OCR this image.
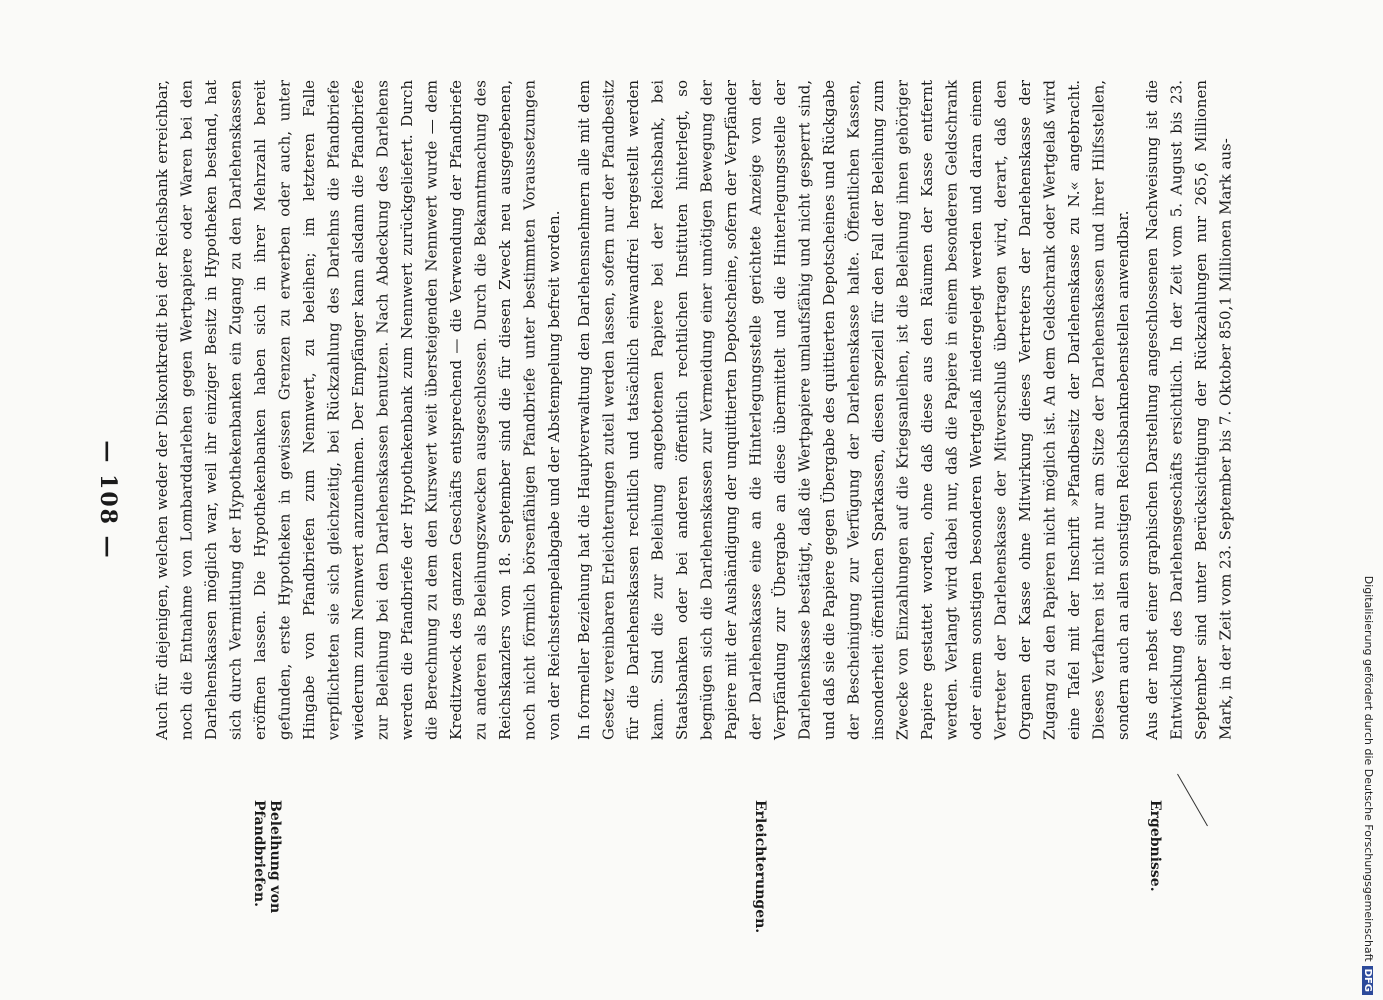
Digitalisierung gefördert durch die Deutsche ForschungsgemeinschaftDFG
— 108 —
Beleihung von Pfandbriefen.	Erleichterungen.	Ergebnisse.

Auch für diejenigen, welchen weder der Diskontkredit bei der Reichsbank erreichbar, noch die Entnahme von Lombarddarlehen gegen Wertpapiere oder Waren bei den Darlehenskassen möglich war, weil ihr einziger Besitz in Hypotheken bestand, hat sich durch Vermittlung der Hypothekenbanken ein Zugang zu den Darlehenskassen eröffnen lassen. Die Hypothekenbanken haben sich in ihrer Mehrzahl bereit gefunden, erste Hypotheken in gewissen Grenzen zu erwerben oder auch, unter Hingabe von Pfandbriefen zum Nennwert, zu beleihen; im letzteren Falle verpflichteten sie sich gleichzeitig, bei Rückzahlung des Darlehns die Pfandbriefe wiederum zum Nennwert anzunehmen. Der Empfänger kann alsdann die Pfandbriefe zur Beleihung bei den Darlehenskassen benutzen. Nach Abdeckung des Darlehens werden die Pfandbriefe der Hypothekenbank zum Nennwert zurückgeliefert. Durch die Berechnung zu dem den Kurswert weit übersteigenden Nennwert wurde — dem Kreditzweck des ganzen Geschäfts entsprechend — die Verwendung der Pfandbriefe zu anderen als Beleihungszwecken ausgeschlossen. Durch die Bekanntmachung des Reichskanzlers vom 18. September sind die für diesen Zweck neu ausgegebenen, noch nicht förmlich börsenfähigen Pfandbriefe unter bestimmten Voraussetzungen von der Reichsstempelabgabe und der Abstempelung befreit worden. In formeller Beziehung hat die Hauptverwaltung den Darlehensnehmern alle mit dem Gesetz vereinbaren Erleichterungen zuteil werden lassen, sofern nur der Pfandbesitz für die Darlehenskassen rechtlich und tatsächlich einwandfrei hergestellt werden kann. Sind die zur Beleihung angebotenen Papiere bei der Reichsbank, bei Staatsbanken oder bei anderen öffentlich rechtlichen Instituten hinterlegt, so begnügen sich die Darlehenskassen zur Vermeidung einer unnötigen Bewegung der Papiere mit der Aushändigung der unquittierten Depotscheine, sofern der Verpfänder der Darlehenskasse eine an die Hinterlegungsstelle gerichtete Anzeige von der Verpfändung zur Übergabe an diese übermittelt und die Hinterlegungsstelle der Darlehenskasse bestätigt, daß die Wertpapiere umlaufsfähig und nicht gesperrt sind, und daß sie die Papiere gegen Übergabe des quittierten Depotscheines und Rückgabe der Bescheinigung zur Verfügung der Darlehenskasse halte. Öffentlichen Kassen, insonderheit öffentlichen Sparkassen, diesen speziell für den Fall der Beleihung zum Zwecke von Einzahlungen auf die Kriegsanleihen, ist die Beleihung ihnen gehöriger Papiere gestattet worden, ohne daß diese aus den Räumen der Kasse entfernt werden. Verlangt wird dabei nur, daß die Papiere in einem besonderen Geldschrank oder einem sonstigen besonderen Wertgelaß niedergelegt werden und daran einem Vertreter der Darlehenskasse der Mitverschluß übertragen wird, derart, daß den Organen der Kasse ohne Mitwirkung dieses Vertreters der Darlehenskasse der Zugang zu den Papieren nicht möglich ist. An dem Geldschrank oder Wertgelaß wird eine Tafel mit der Inschrift »Pfandbesitz der Darlehenskasse zu N.« angebracht. Dieses Verfahren ist nicht nur am Sitze der Darlehenskassen und ihrer Hilfsstellen, sondern auch an allen sonstigen Reichsbanknebenstellen anwendbar. Aus der nebst einer graphischen Darstellung angeschlossenen Nachweisung ist die Entwicklung des Darlehensgeschäfts ersichtlich. In der Zeit vom 5. August bis 23. September sind unter Berücksichtigung der Rückzahlungen nur 265,6 Millionen Mark, in der Zeit vom 23. September bis 7. Oktober 850,1 Millionen Mark aus-
